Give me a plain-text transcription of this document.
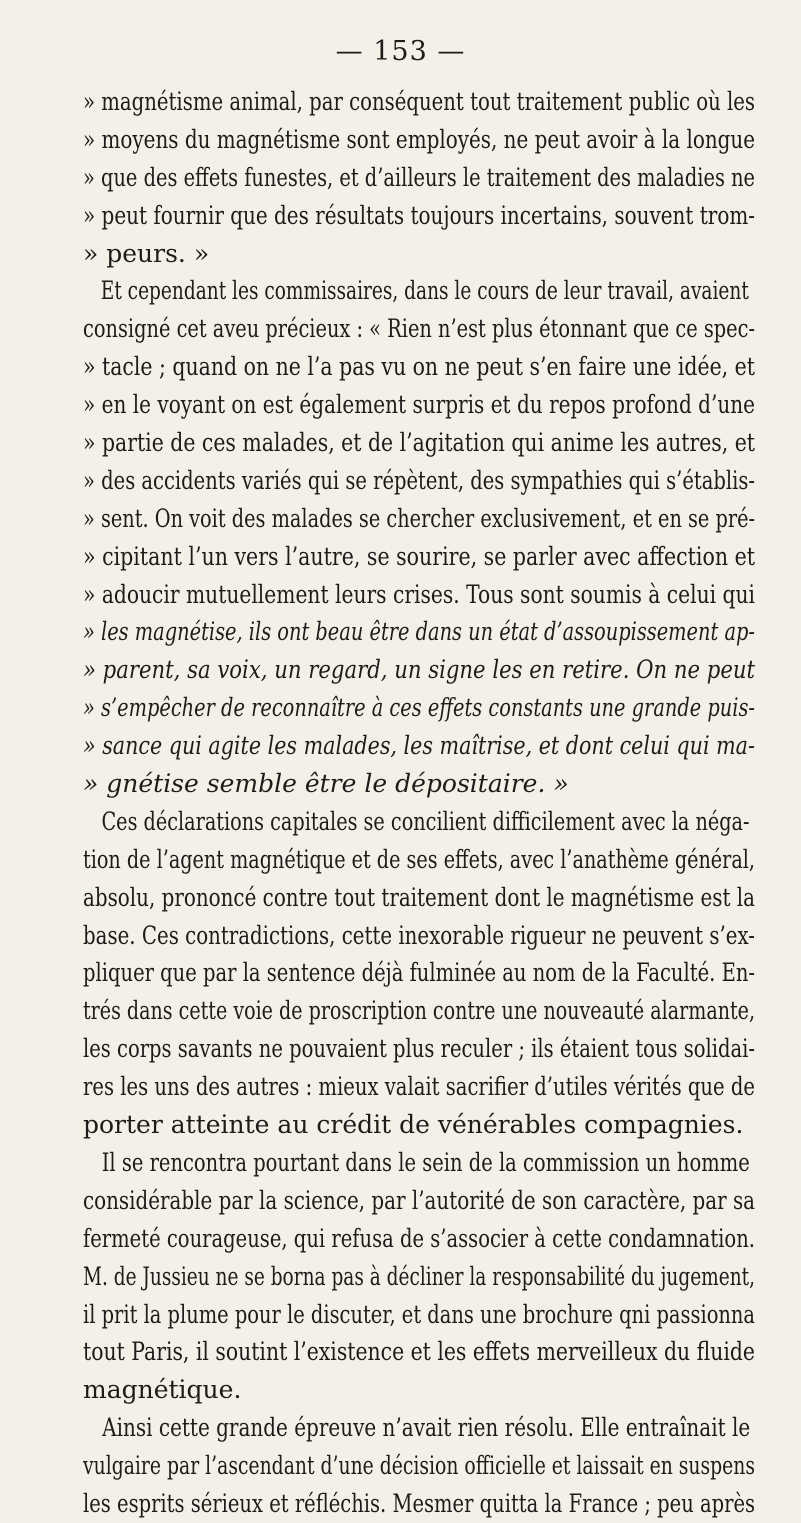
— 153 —
» magnétisme animal, par conséquent tout traitement public où les
» moyens du magnétisme sont employés, ne peut avoir à la longue
» que des effets funestes, et d’ailleurs le traitement des maladies ne
» peut fournir que des résultats toujours incertains, souvent trom-
» peurs. »
Et cependant les commissaires, dans le cours de leur travail, avaient
consigné cet aveu précieux : « Rien n’est plus étonnant que ce spec-
» tacle ; quand on ne l’a pas vu on ne peut s’en faire une idée, et
» en le voyant on est également surpris et du repos profond d’une
» partie de ces malades, et de l’agitation qui anime les autres, et
» des accidents variés qui se répètent, des sympathies qui s’établis-
» sent. On voit des malades se chercher exclusivement, et en se pré-
» cipitant l’un vers l’autre, se sourire, se parler avec affection et
» adoucir mutuellement leurs crises. Tous sont soumis à celui qui
» les magnétise, ils ont beau être dans un état d’assoupissement ap-
» parent, sa voix, un regard, un signe les en retire. On ne peut
» s’empêcher de reconnaître à ces effets constants une grande puis-
» sance qui agite les malades, les maîtrise, et dont celui qui ma-
» gnétise semble être le dépositaire. »
Ces déclarations capitales se concilient difficilement avec la néga-
tion de l’agent magnétique et de ses effets, avec l’anathème général,
absolu, prononcé contre tout traitement dont le magnétisme est la
base. Ces contradictions, cette inexorable rigueur ne peuvent s’ex-
pliquer que par la sentence déjà fulminée au nom de la Faculté. En-
trés dans cette voie de proscription contre une nouveauté alarmante,
les corps savants ne pouvaient plus reculer ; ils étaient tous solidai-
res les uns des autres : mieux valait sacrifier d’utiles vérités que de
porter atteinte au crédit de vénérables compagnies.
Il se rencontra pourtant dans le sein de la commission un homme
considérable par la science, par l’autorité de son caractère, par sa
fermeté courageuse, qui refusa de s’associer à cette condamnation.
M. de Jussieu ne se borna pas à décliner la responsabilité du jugement,
il prit la plume pour le discuter, et dans une brochure qni passionna
tout Paris, il soutint l’existence et les effets merveilleux du fluide
magnétique.
Ainsi cette grande épreuve n’avait rien résolu. Elle entraînait le
vulgaire par l’ascendant d’une décision officielle et laissait en suspens
les esprits sérieux et réfléchis. Mesmer quitta la France ; peu après
